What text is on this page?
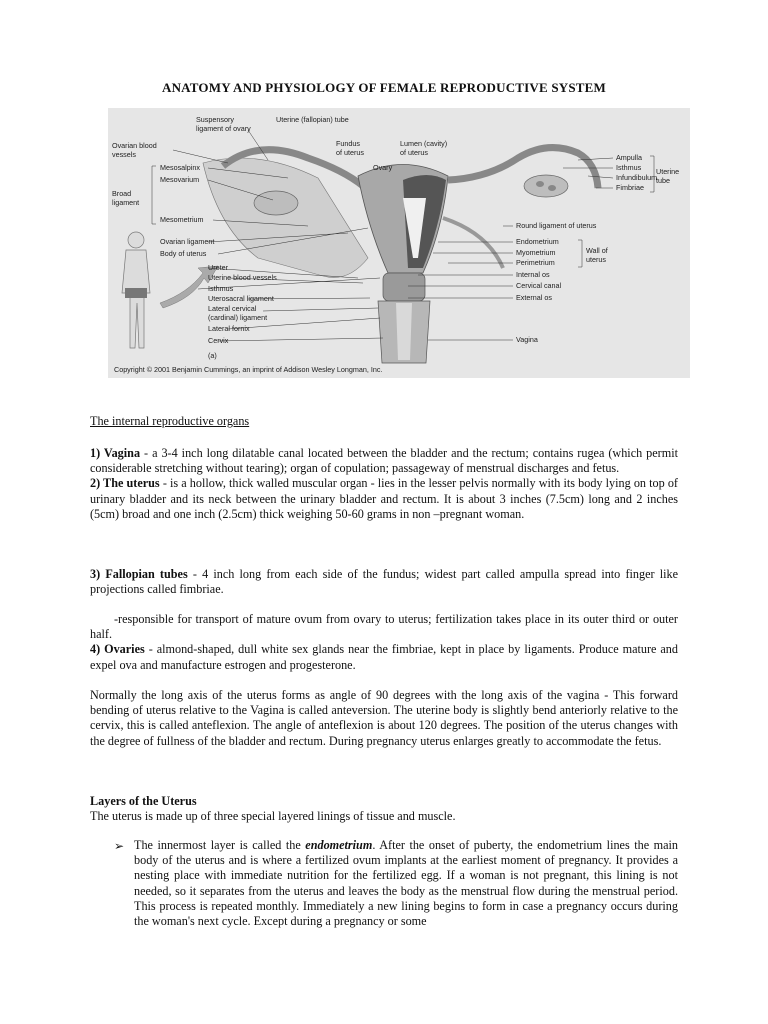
ANATOMY AND PHYSIOLOGY OF FEMALE REPRODUCTIVE SYSTEM
Ovarian blood
vessels
Suspensory
ligament of ovary
Mesosalpinx
Mesovarium
Broad
ligament
Mesometrium
Ovarian ligament
Body of uterus
Ureter
Uterine blood vessels
Isthmus
Uterosacral ligament
Lateral cervical
(cardinal) ligament
Lateral fornix
Cervix
Uterine (fallopian) tube
Fundus
of uterus
Lumen (cavity)
of uterus
Ovary
Ampulla
Isthmus
Infundibulum
Fimbriae
Uterine
tube
Round ligament of uterus
Endometrium
Myometrium
Perimetrium
Wall of
uterus
Internal os
Cervical canal
External os
Vagina
(a)
Copyright © 2001 Benjamin Cummings, an imprint of Addison Wesley Longman, Inc.

The internal reproductive organs

1) Vagina - a 3-4 inch long dilatable canal located between the bladder and the rectum; contains rugea (which permit considerable stretching without tearing); organ of copulation; passageway of menstrual discharges and fetus.

2) The uterus - is a hollow, thick walled muscular organ - lies in the lesser pelvis normally with its body lying on top of urinary bladder and its neck between the urinary bladder and rectum. It is about 3 inches (7.5cm) long and 2 inches (5cm) broad and one inch (2.5cm) thick weighing 50-60 grams in non –pregnant woman.

3) Fallopian tubes - 4 inch long from each side of the fundus; widest part called ampulla spread into finger like projections called fimbriae.

-responsible for transport of mature ovum from ovary to uterus; fertilization takes place in its outer third or outer half.

4) Ovaries - almond-shaped, dull white sex glands near the fimbriae, kept in place by ligaments. Produce mature and expel ova and manufacture estrogen and progesterone.

Normally the long axis of the uterus forms as angle of 90 degrees with the long axis of the vagina - This forward bending of uterus relative to the Vagina is called anteversion. The uterine body is slightly bend anteriorly relative to the cervix, this is called anteflexion. The angle of anteflexion is about 120 degrees. The position of the uterus changes with the degree of fullness of the bladder and rectum. During pregnancy uterus enlarges greatly to accommodate the fetus.

Layers of the Uterus

The uterus is made up of three special layered linings of tissue and muscle.

➢ The innermost layer is called the endometrium. After the onset of puberty, the endometrium lines the main body of the uterus and is where a fertilized ovum implants at the earliest moment of pregnancy. It provides a nesting place with immediate nutrition for the fertilized egg. If a woman is not pregnant, this lining is not needed, so it separates from the uterus and leaves the body as the menstrual flow during the menstrual period. This process is repeated monthly. Immediately a new lining begins to form in case a pregnancy occurs during the woman's next cycle. Except during a pregnancy or some
